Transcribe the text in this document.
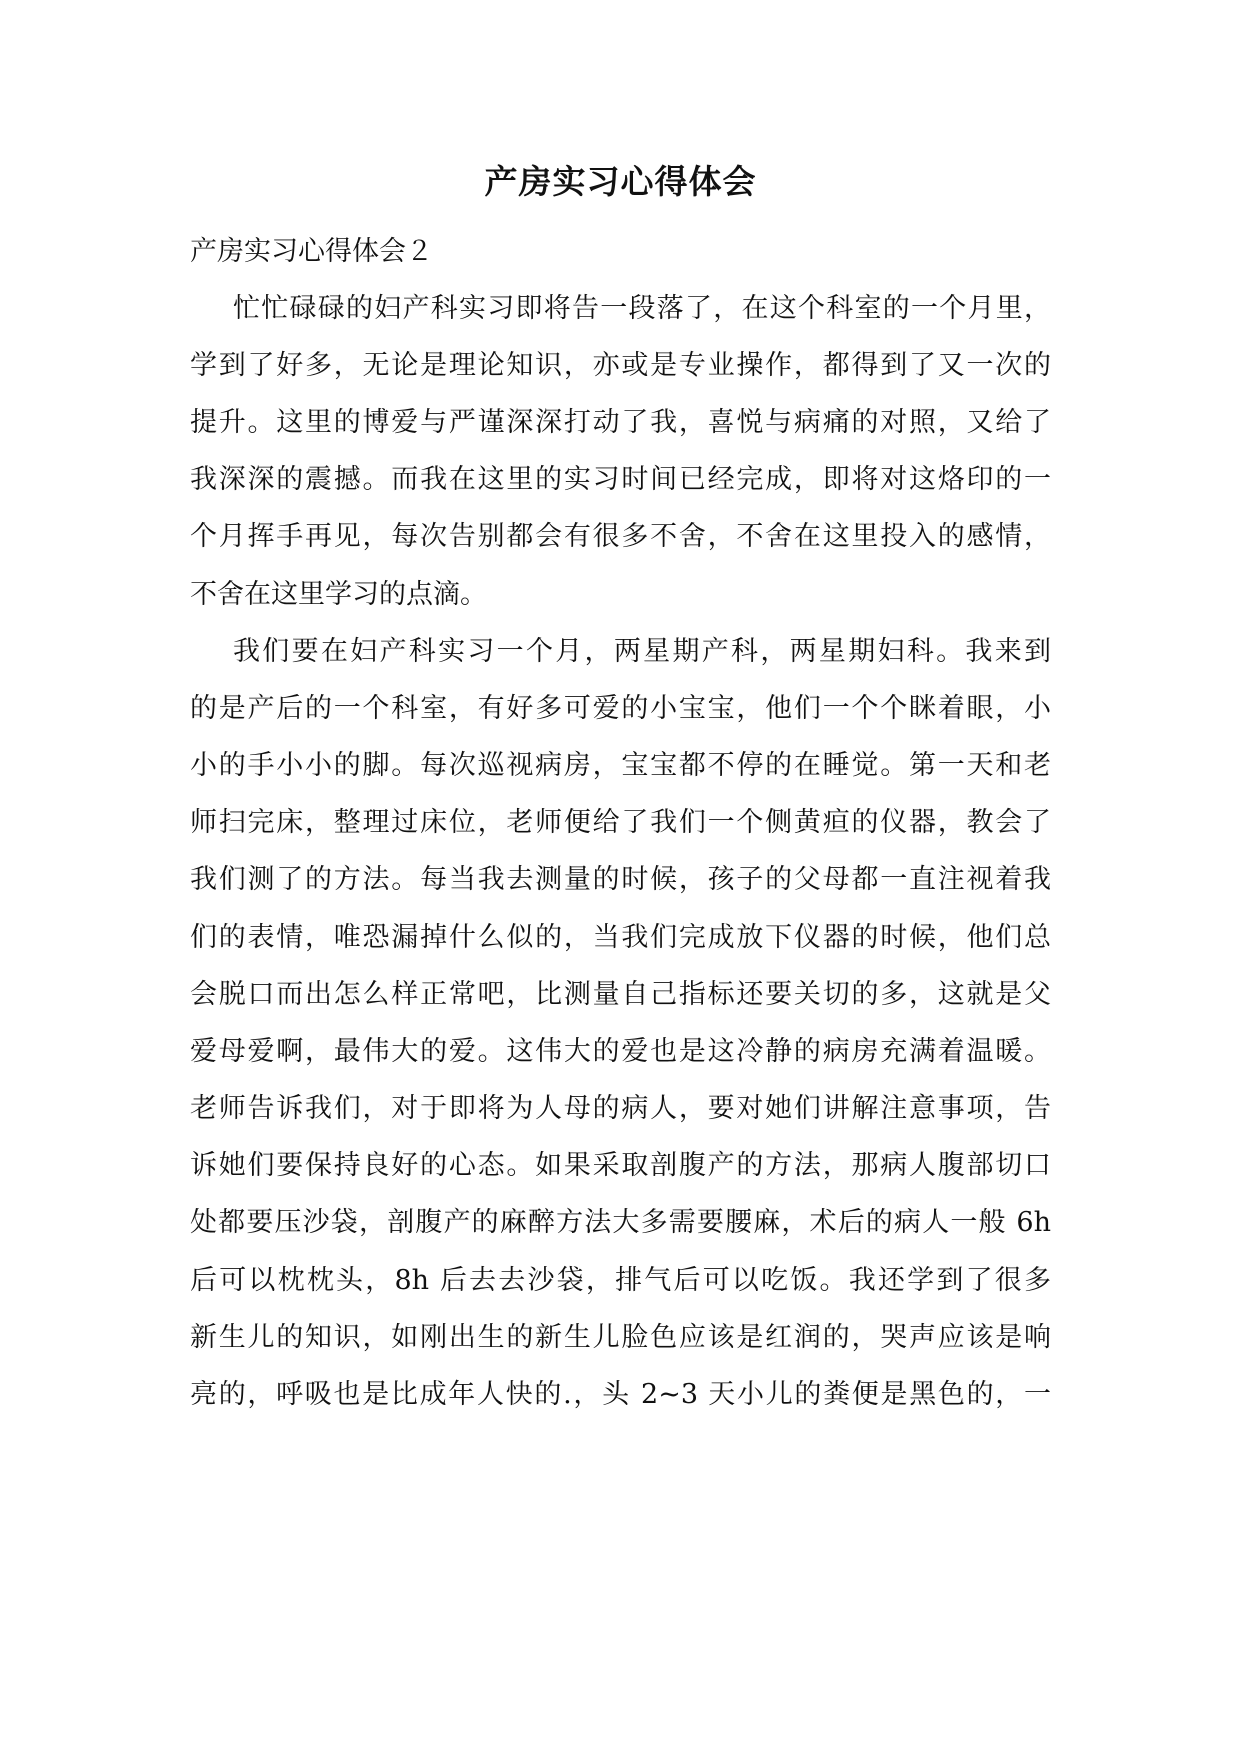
产房实习心得体会
产房实习心得体会２
忙忙碌碌的妇产科实习即将告一段落了，在这个科室的一个月里，
学到了好多，无论是理论知识，亦或是专业操作，都得到了又一次的
提升。这里的博爱与严谨深深打动了我，喜悦与病痛的对照，又给了
我深深的震撼。而我在这里的实习时间已经完成，即将对这烙印的一
个月挥手再见，每次告别都会有很多不舍，不舍在这里投入的感情，
不舍在这里学习的点滴。
我们要在妇产科实习一个月，两星期产科，两星期妇科。我来到
的是产后的一个科室，有好多可爱的小宝宝，他们一个个眯着眼，小
小的手小小的脚。每次巡视病房，宝宝都不停的在睡觉。第一天和老
师扫完床，整理过床位，老师便给了我们一个侧黄疸的仪器，教会了
我们测了的方法。每当我去测量的时候，孩子的父母都一直注视着我
们的表情，唯恐漏掉什么似的，当我们完成放下仪器的时候，他们总
会脱口而出怎么样正常吧，比测量自己指标还要关切的多，这就是父
爱母爱啊，最伟大的爱。这伟大的爱也是这冷静的病房充满着温暖。
老师告诉我们，对于即将为人母的病人，要对她们讲解注意事项，告
诉她们要保持良好的心态。如果采取剖腹产的方法，那病人腹部切口
处都要压沙袋，剖腹产的麻醉方法大多需要腰麻，术后的病人一般 6h
后可以枕枕头，8h 后去去沙袋，排气后可以吃饭。我还学到了很多
新生儿的知识，如刚出生的新生儿脸色应该是红润的，哭声应该是响
亮的，呼吸也是比成年人快的.，头 2~3 天小儿的粪便是黑色的，一
